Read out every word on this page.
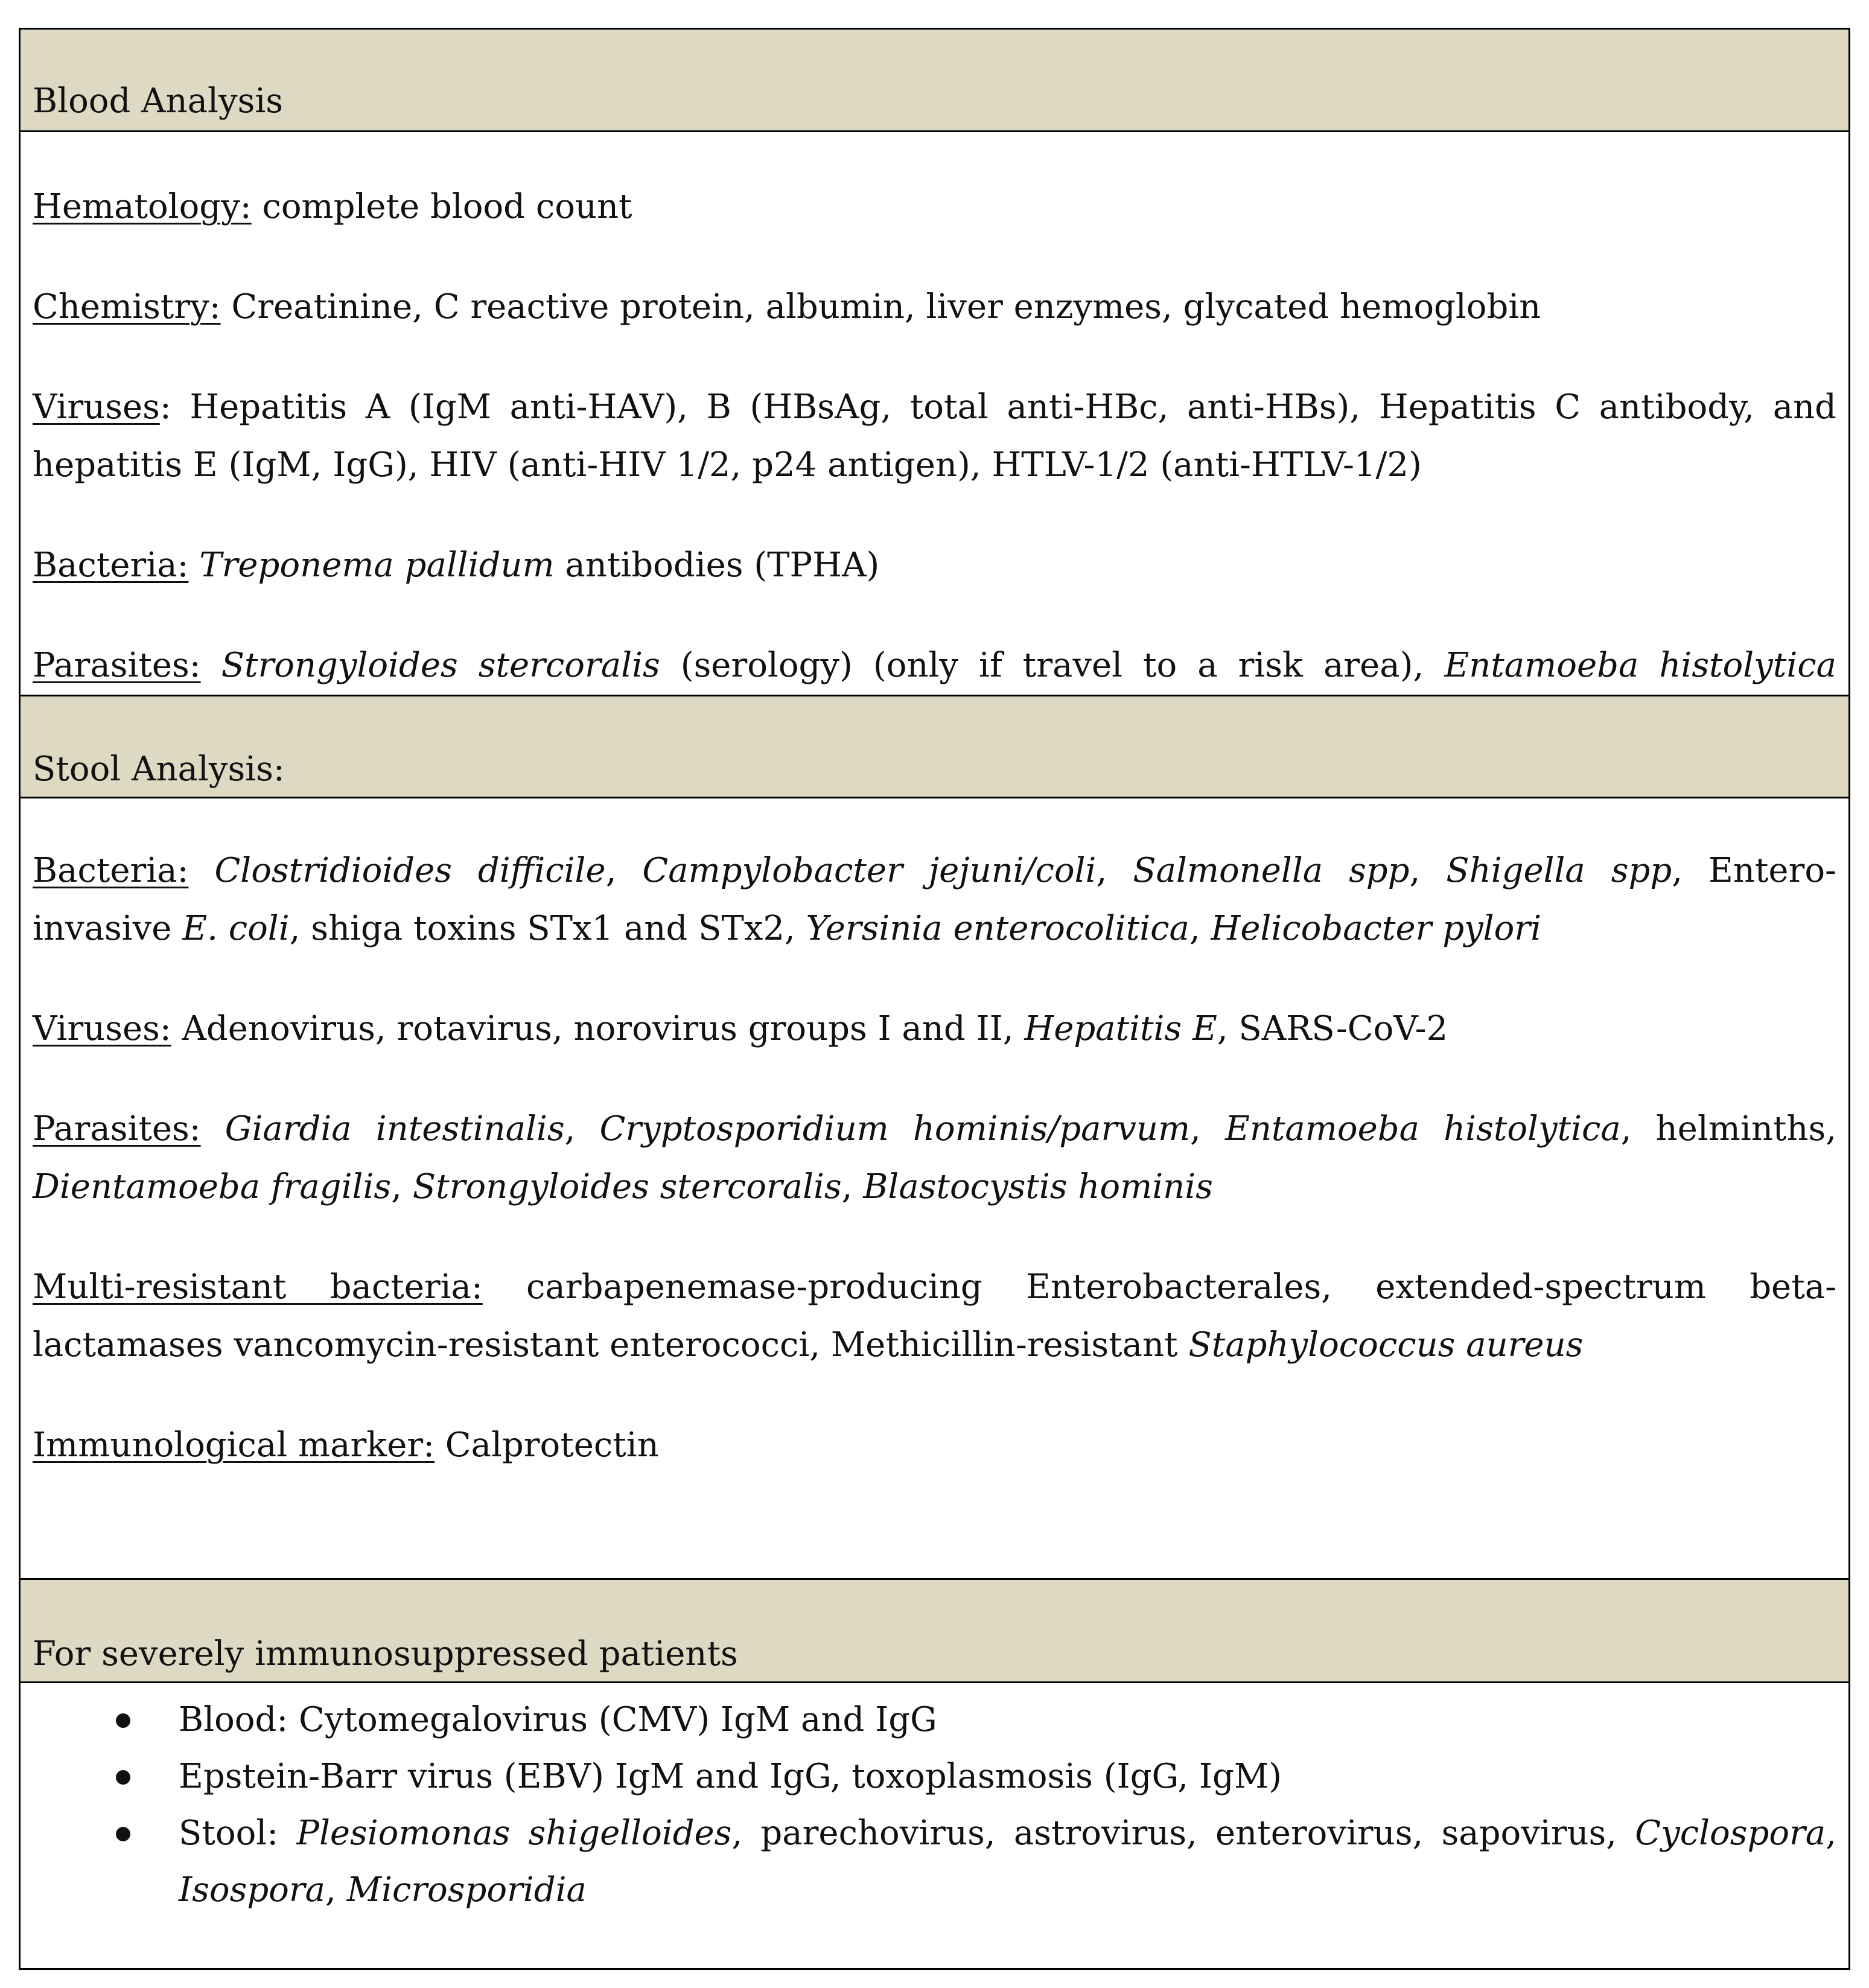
Blood Analysis

Hematology: complete blood count

Chemistry: Creatinine, C reactive protein, albumin, liver enzymes, glycated hemoglobin

Viruses: Hepatitis A (IgM anti-HAV), B (HBsAg, total anti-HBc, anti-HBs), Hepatitis C antibody, and hepatitis E (IgM, IgG), HIV (anti-HIV 1/2, p24 antigen), HTLV-1/2 (anti-HTLV-1/2)

Bacteria: Treponema pallidum antibodies (TPHA)

Parasites: Strongyloides stercoralis (serology) (only if travel to a risk area), Entamoeba histolytica

Stool Analysis:

Bacteria: Clostridioides difficile, Campylobacter jejuni/coli, Salmonella spp, Shigella spp, Entero-invasive E. coli, shiga toxins STx1 and STx2, Yersinia enterocolitica, Helicobacter pylori

Viruses: Adenovirus, rotavirus, norovirus groups I and II, Hepatitis E, SARS-CoV-2

Parasites: Giardia intestinalis, Cryptosporidium hominis/parvum, Entamoeba histolytica, helminths, Dientamoeba fragilis, Strongyloides stercoralis, Blastocystis hominis

Multi-resistant bacteria: carbapenemase-producing Enterobacterales, extended-spectrum beta-lactamases vancomycin-resistant enterococci, Methicillin-resistant Staphylococcus aureus

Immunological marker: Calprotectin

For severely immunosuppressed patients
Blood: Cytomegalovirus (CMV) IgM and IgG
Epstein-Barr virus (EBV) IgM and IgG, toxoplasmosis (IgG, IgM)
Stool: Plesiomonas shigelloides, parechovirus, astrovirus, enterovirus, sapovirus, Cyclospora, Isospora, Microsporidia
